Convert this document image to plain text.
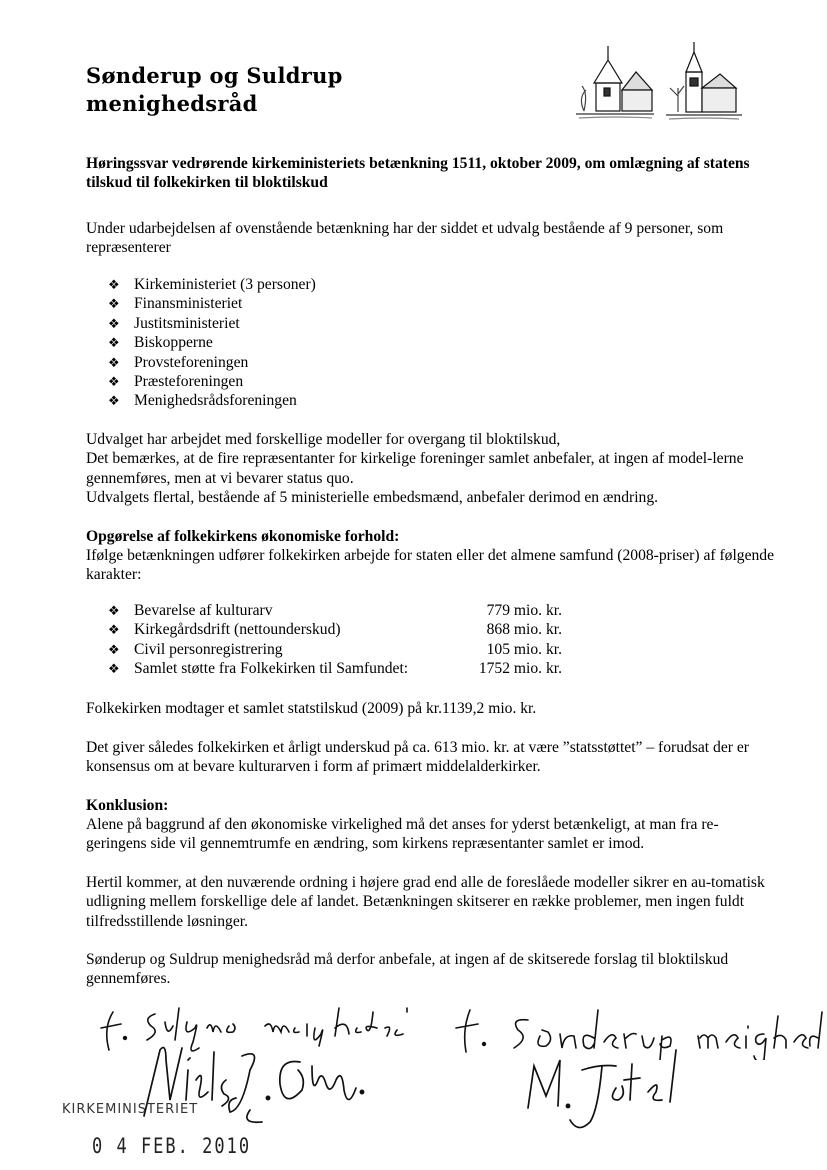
Sønderup og Suldrup
menighedsråd
Høringssvar vedrørende kirkeministeriets betænkning 1511, oktober 2009, om omlægning af statens tilskud til folkekirken til bloktilskud
Under udarbejdelsen af ovenstående betænkning har der siddet et udvalg bestående af 9 personer, som repræsenterer
❖ Kirkeministeriet (3 personer)
❖ Finansministeriet
❖ Justitsministeriet
❖ Biskopperne
❖ Provsteforeningen
❖ Præsteforeningen
❖ Menighedsrådsforeningen
Udvalget har arbejdet med forskellige modeller for overgang til bloktilskud,
Det bemærkes, at de fire repræsentanter for kirkelige foreninger samlet anbefaler, at ingen af model-lerne gennemføres, men at vi bevarer status quo.
Udvalgets flertal, bestående af 5 ministerielle embedsmænd, anbefaler derimod en ændring.
Opgørelse af folkekirkens økonomiske forhold:
Ifølge betænkningen udfører folkekirken arbejde for staten eller det almene samfund (2008-priser) af følgende karakter:
❖ Bevarelse af kulturarv	779 mio. kr.
❖ Kirkegårdsdrift (nettounderskud)	868 mio. kr.
❖ Civil personregistrering	105 mio. kr.
❖ Samlet støtte fra Folkekirken til Samfundet:	1752 mio. kr.
Folkekirken modtager et samlet statstilskud (2009) på kr.1139,2 mio. kr.
Det giver således folkekirken et årligt underskud på ca. 613 mio. kr. at være ”statsstøttet” – forudsat der er konsensus om at bevare kulturarven i form af primært middelalderkirker.
Konklusion:
Alene på baggrund af den økonomiske virkelighed må det anses for yderst betænkeligt, at man fra re-geringens side vil gennemtrumfe en ændring, som kirkens repræsentanter samlet er imod.
Hertil kommer, at den nuværende ordning i højere grad end alle de foreslåede modeller sikrer en au-tomatisk udligning mellem forskellige dele af landet. Betænkningen skitserer en række problemer, men ingen fuldt tilfredsstillende løsninger.
Sønderup og Suldrup menighedsråd må derfor anbefale, at ingen af de skitserede forslag til bloktilskud gennemføres.
KIRKEMINISTERIET
0 4 FEB. 2010
